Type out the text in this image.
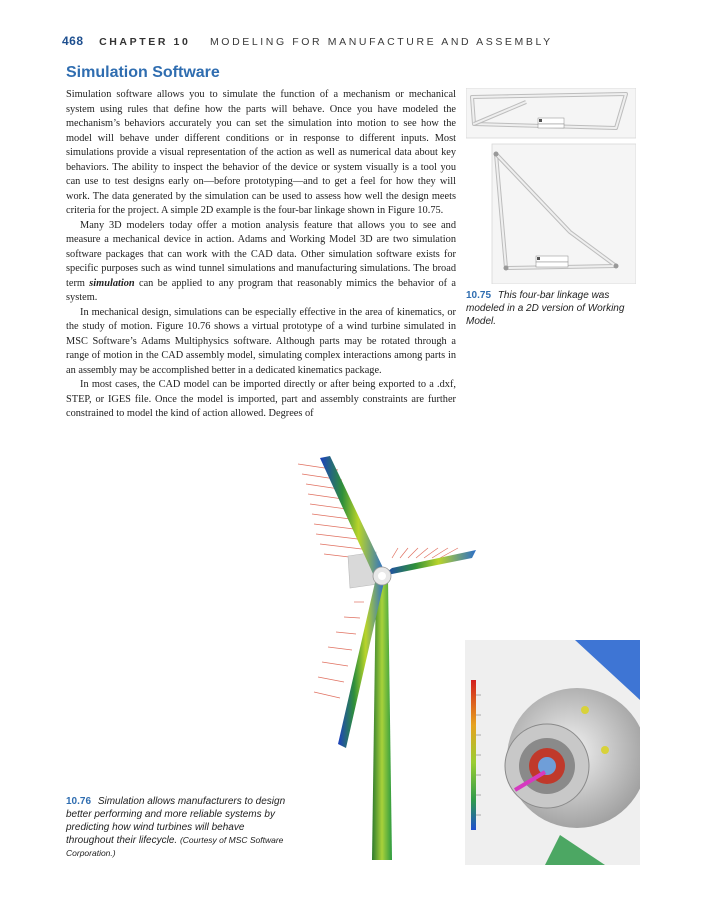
468 CHAPTER 10 MODELING FOR MANUFACTURE AND ASSEMBLY
Simulation Software

Simulation software allows you to simulate the function of a mechanism or mechanical system using rules that define how the parts will behave. Once you have modeled the mechanism’s behaviors accurately you can set the simulation into motion to see how the model will behave under different conditions or in response to different inputs. Most simulations provide a visual representation of the action as well as numerical data about key behaviors. The ability to inspect the behavior of the device or system visually is a tool you can use to test designs early on—before prototyping—and to get a feel for how they will work. The data generated by the simulation can be used to assess how well the design meets criteria for the project. A simple 2D example is the four-bar linkage shown in Figure 10.75.

Many 3D modelers today offer a motion analysis feature that allows you to see and measure a mechanical device in action. Adams and Working Model 3D are two simulation software packages that can work with the CAD data. Other simulation software exists for specific purposes such as wind tunnel simulations and manufacturing simulations. The broad term simulation can be applied to any program that reasonably mimics the behavior of a system.

In mechanical design, simulations can be especially effective in the area of kinematics, or the study of motion. Figure 10.76 shows a virtual prototype of a wind turbine simulated in MSC Software’s Adams Multiphysics software. Although parts may be rotated through a range of motion in the CAD assembly model, simulating complex interactions among parts in an assembly may be accomplished better in a dedicated kinematics package.

In most cases, the CAD model can be imported directly or after being exported to a .dxf, STEP, or IGES file. Once the model is imported, part and assembly constraints are further constrained to model the kind of action allowed. Degrees of

10.75 This four-bar linkage was modeled in a 2D version of Working Model.
10.76 Simulation allows manufacturers to design better performing and more reliable systems by predicting how wind turbines will behave throughout their lifecycle. (Courtesy of MSC Software Corporation.)
